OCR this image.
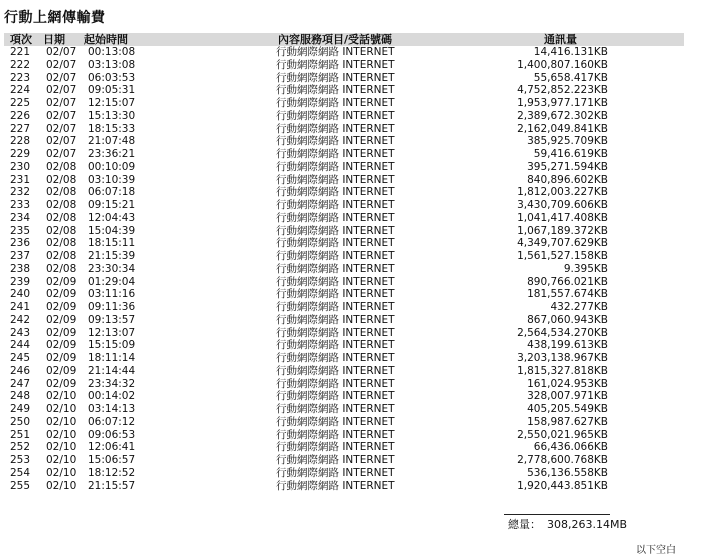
行動上網傳輸費
項次 日期 起始時間	內容服務項目/受話號碼	通訊量
221	02/07	00:13:08	行動網際網路 INTERNET	14,416.131KB
222	02/07	03:13:08	行動網際網路 INTERNET	1,400,807.160KB
223	02/07	06:03:53	行動網際網路 INTERNET	55,658.417KB
224	02/07	09:05:31	行動網際網路 INTERNET	4,752,852.223KB
225	02/07	12:15:07	行動網際網路 INTERNET	1,953,977.171KB
226	02/07	15:13:30	行動網際網路 INTERNET	2,389,672.302KB
227	02/07	18:15:33	行動網際網路 INTERNET	2,162,049.841KB
228	02/07	21:07:48	行動網際網路 INTERNET	385,925.709KB
229	02/07	23:36:21	行動網際網路 INTERNET	59,416.619KB
230	02/08	00:10:09	行動網際網路 INTERNET	395,271.594KB
231	02/08	03:10:39	行動網際網路 INTERNET	840,896.602KB
232	02/08	06:07:18	行動網際網路 INTERNET	1,812,003.227KB
233	02/08	09:15:21	行動網際網路 INTERNET	3,430,709.606KB
234	02/08	12:04:43	行動網際網路 INTERNET	1,041,417.408KB
235	02/08	15:04:39	行動網際網路 INTERNET	1,067,189.372KB
236	02/08	18:15:11	行動網際網路 INTERNET	4,349,707.629KB
237	02/08	21:15:39	行動網際網路 INTERNET	1,561,527.158KB
238	02/08	23:30:34	行動網際網路 INTERNET	9.395KB
239	02/09	01:29:04	行動網際網路 INTERNET	890,766.021KB
240	02/09	03:11:16	行動網際網路 INTERNET	181,557.674KB
241	02/09	09:11:36	行動網際網路 INTERNET	432.277KB
242	02/09	09:13:57	行動網際網路 INTERNET	867,060.943KB
243	02/09	12:13:07	行動網際網路 INTERNET	2,564,534.270KB
244	02/09	15:15:09	行動網際網路 INTERNET	438,199.613KB
245	02/09	18:11:14	行動網際網路 INTERNET	3,203,138.967KB
246	02/09	21:14:44	行動網際網路 INTERNET	1,815,327.818KB
247	02/09	23:34:32	行動網際網路 INTERNET	161,024.953KB
248	02/10	00:14:02	行動網際網路 INTERNET	328,007.971KB
249	02/10	03:14:13	行動網際網路 INTERNET	405,205.549KB
250	02/10	06:07:12	行動網際網路 INTERNET	158,987.627KB
251	02/10	09:06:53	行動網際網路 INTERNET	2,550,021.965KB
252	02/10	12:06:41	行動網際網路 INTERNET	66,436.066KB
253	02/10	15:06:57	行動網際網路 INTERNET	2,778,600.768KB
254	02/10	18:12:52	行動網際網路 INTERNET	536,136.558KB
255	02/10	21:15:57	行動網際網路 INTERNET	1,920,443.851KB
總量： 308,263.14MB
以下空白
